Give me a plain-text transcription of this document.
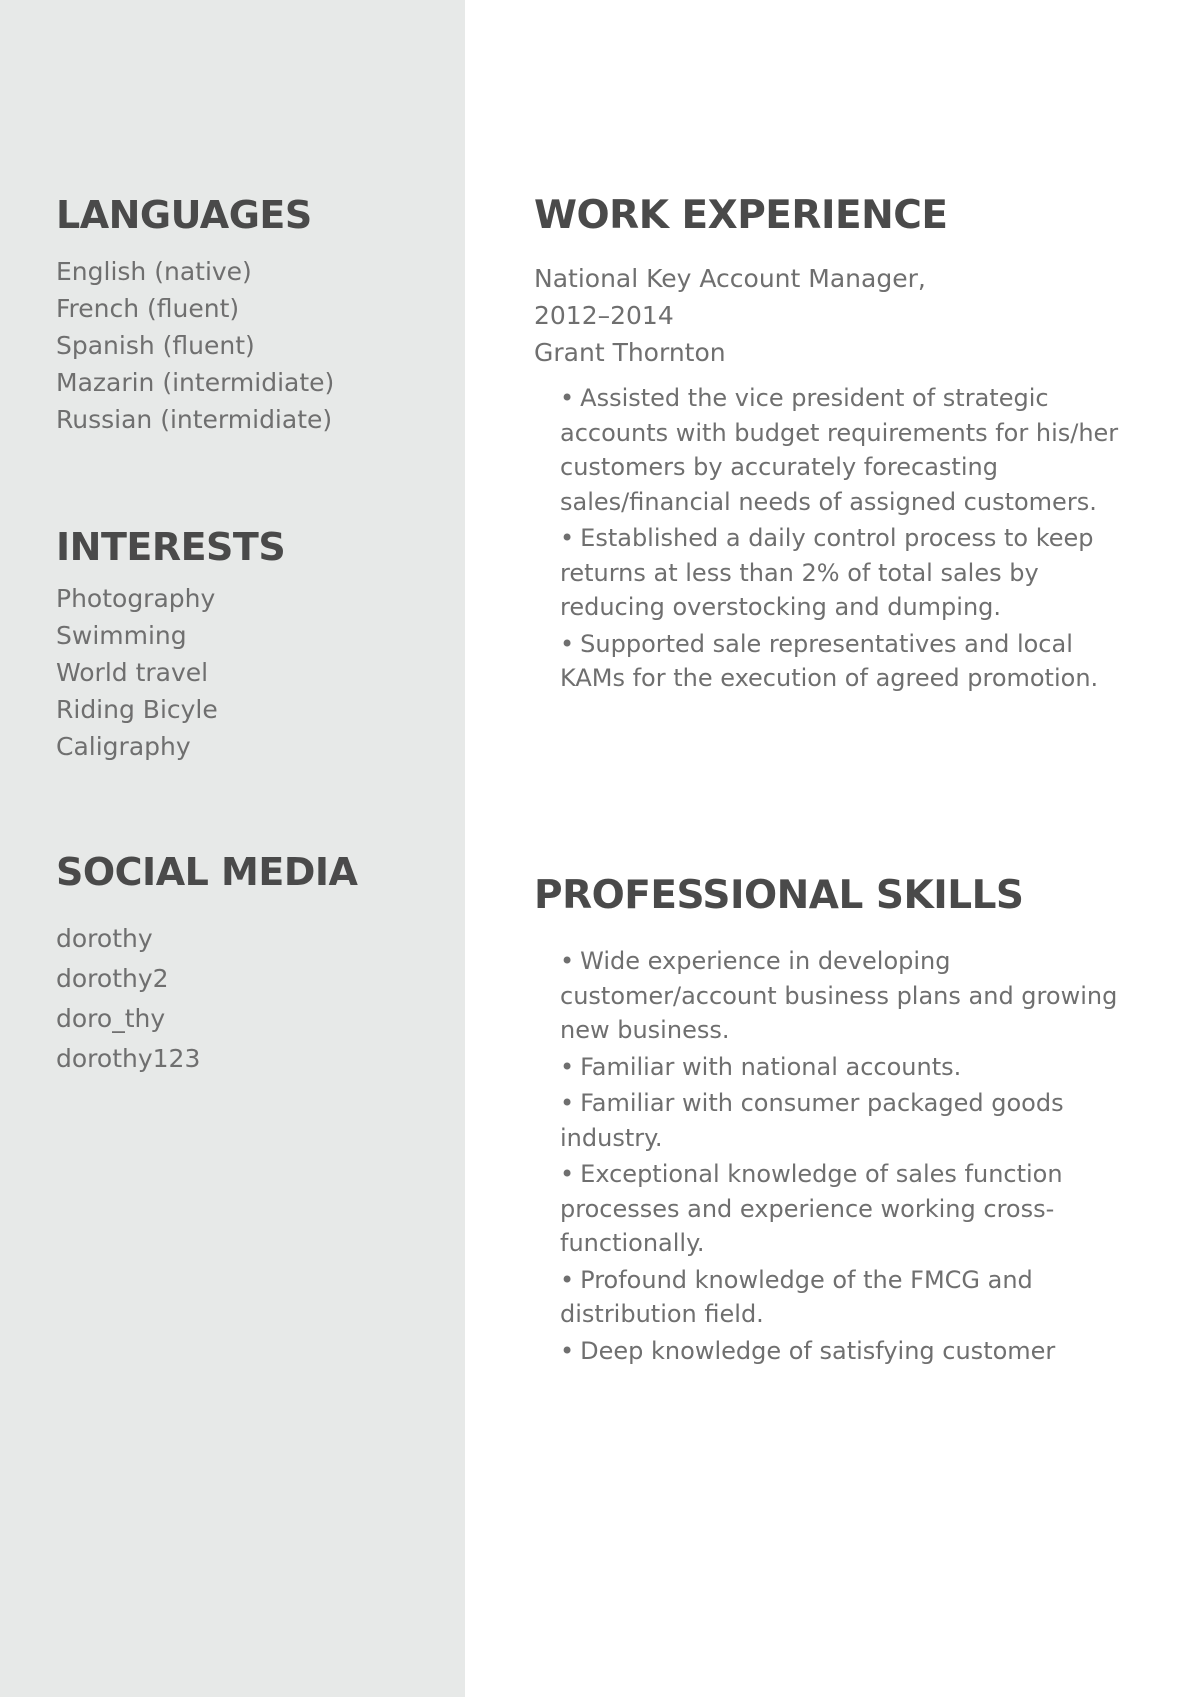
LANGUAGES
English (native)
French (fluent)
Spanish (fluent)
Mazarin (intermidiate)
Russian (intermidiate)
INTERESTS
Photography
Swimming
World travel
Riding Bicyle
Caligraphy
SOCIAL MEDIA
dorothy
dorothy2
doro_thy
dorothy123
WORK EXPERIENCE
National Key Account Manager,
2012–2014
Grant Thornton
• Assisted the vice president of strategic accounts with budget requirements for his/her customers by accurately forecasting sales/financial needs of assigned customers.
• Established a daily control process to keep returns at less than 2% of total sales by reducing overstocking and dumping.
• Supported sale representatives and local KAMs for the execution of agreed promotion.
PROFESSIONAL SKILLS
• Wide experience in developing customer/account business plans and growing new business.
• Familiar with national accounts.
• Familiar with consumer packaged goods industry.
• Exceptional knowledge of sales function processes and experience working cross-functionally.
• Profound knowledge of the FMCG and distribution field.
• Deep knowledge of satisfying customer
